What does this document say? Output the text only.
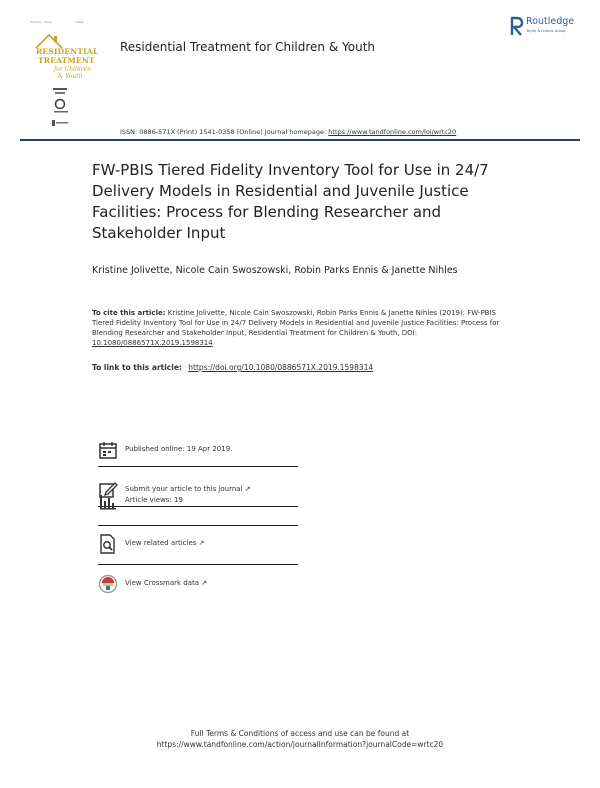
Volume · Issue	ISSN
RESIDENTIAL
TREATMENT
for Children
& Youth
Residential Treatment for Children & Youth
Routledge
Taylor & Francis Group
ISSN: 0886-571X (Print) 1541-0358 (Online) Journal homepage: https://www.tandfonline.com/loi/wrtc20
FW-PBIS Tiered Fidelity Inventory Tool for Use in 24/7 Delivery Models in Residential and Juvenile Justice Facilities: Process for Blending Researcher and Stakeholder Input
Kristine Jolivette, Nicole Cain Swoszowski, Robin Parks Ennis & Janette Nihles
To cite this article: Kristine Jolivette, Nicole Cain Swoszowski, Robin Parks Ennis & Janette Nihles (2019): FW-PBIS Tiered Fidelity Inventory Tool for Use in 24/7 Delivery Models in Residential and Juvenile Justice Facilities: Process for Blending Researcher and Stakeholder Input, Residential Treatment for Children & Youth, DOI: 10.1080/0886571X.2019.1598314
To link to this article: https://doi.org/10.1080/0886571X.2019.1598314
Published online: 19 Apr 2019.
Submit your article to this journal ↗
Article views: 19
View related articles ↗
View Crossmark data ↗
Full Terms & Conditions of access and use can be found at
https://www.tandfonline.com/action/journalInformation?journalCode=wrtc20
